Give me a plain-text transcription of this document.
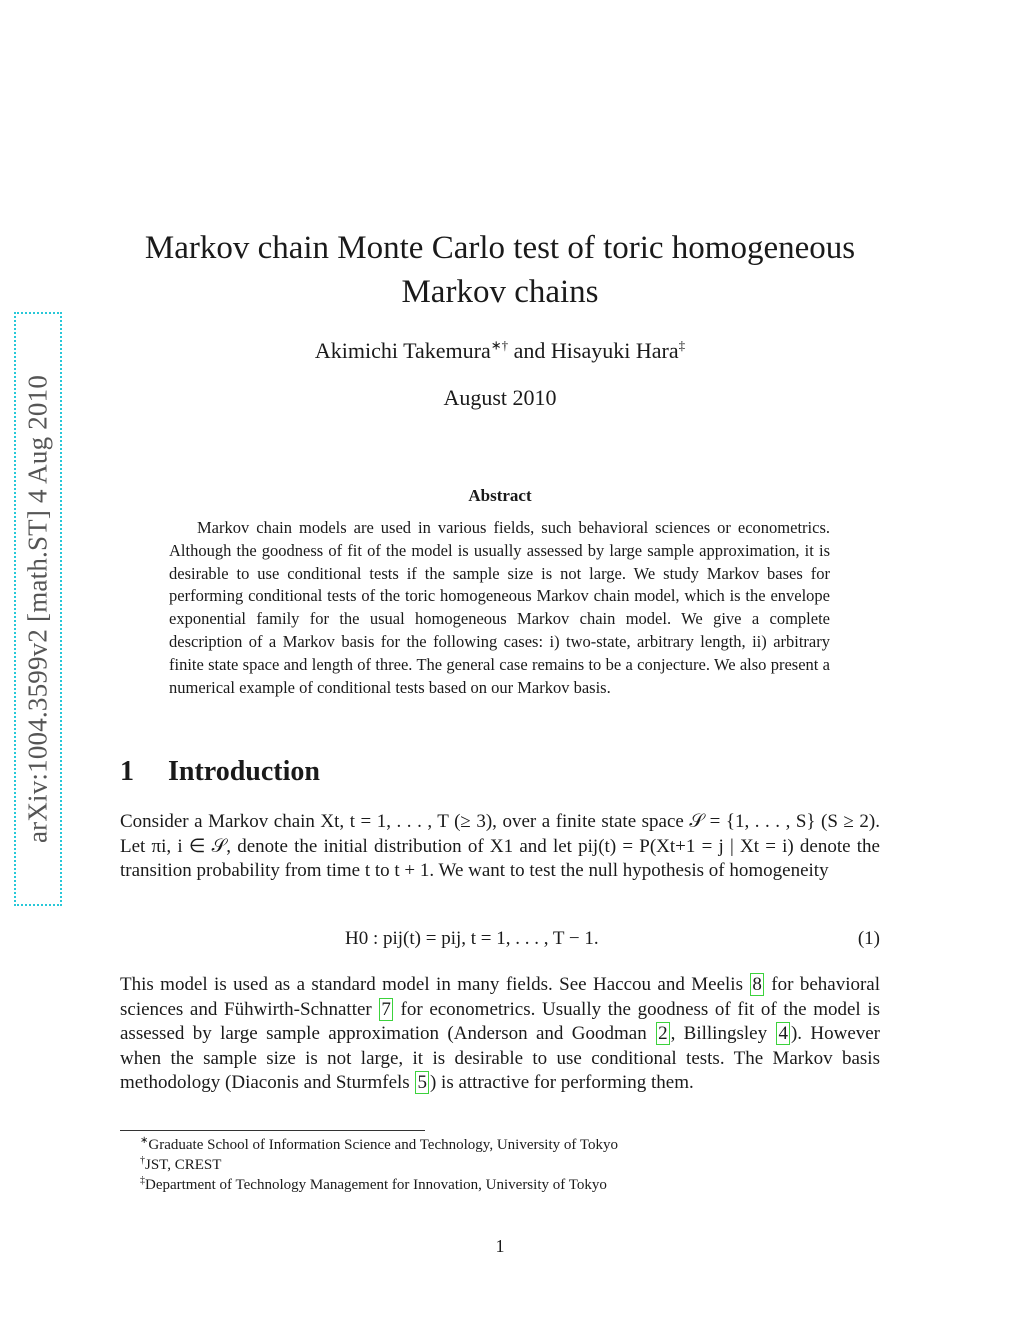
arXiv:1004.3599v2 [math.ST] 4 Aug 2010
Markov chain Monte Carlo test of toric homogeneous Markov chains
Akimichi Takemura∗† and Hisayuki Hara‡
August 2010
Abstract
Markov chain models are used in various fields, such behavioral sciences or econometrics. Although the goodness of fit of the model is usually assessed by large sample approximation, it is desirable to use conditional tests if the sample size is not large. We study Markov bases for performing conditional tests of the toric homogeneous Markov chain model, which is the envelope exponential family for the usual homogeneous Markov chain model. We give a complete description of a Markov basis for the following cases: i) two-state, arbitrary length, ii) arbitrary finite state space and length of three. The general case remains to be a conjecture. We also present a numerical example of conditional tests based on our Markov basis.
1 Introduction
Consider a Markov chain Xt, t = 1, . . . , T (≥ 3), over a finite state space 𝒮 = {1, . . . , S} (S ≥ 2). Let πi, i ∈ 𝒮, denote the initial distribution of X1 and let pij(t) = P(Xt+1 = j | Xt = i) denote the transition probability from time t to t + 1. We want to test the null hypothesis of homogeneity
H0 : pij(t) = pij, t = 1, . . . , T − 1.	(1)
This model is used as a standard model in many fields. See Haccou and Meelis 8 for behavioral sciences and Fühwirth-Schnatter 7 for econometrics. Usually the goodness of fit of the model is assessed by large sample approximation (Anderson and Goodman 2 , Billingsley 4 ). However when the sample size is not large, it is desirable to use conditional tests. The Markov basis methodology (Diaconis and Sturmfels 5 ) is attractive for performing them.
∗Graduate School of Information Science and Technology, University of Tokyo
†JST, CREST
‡Department of Technology Management for Innovation, University of Tokyo
1
